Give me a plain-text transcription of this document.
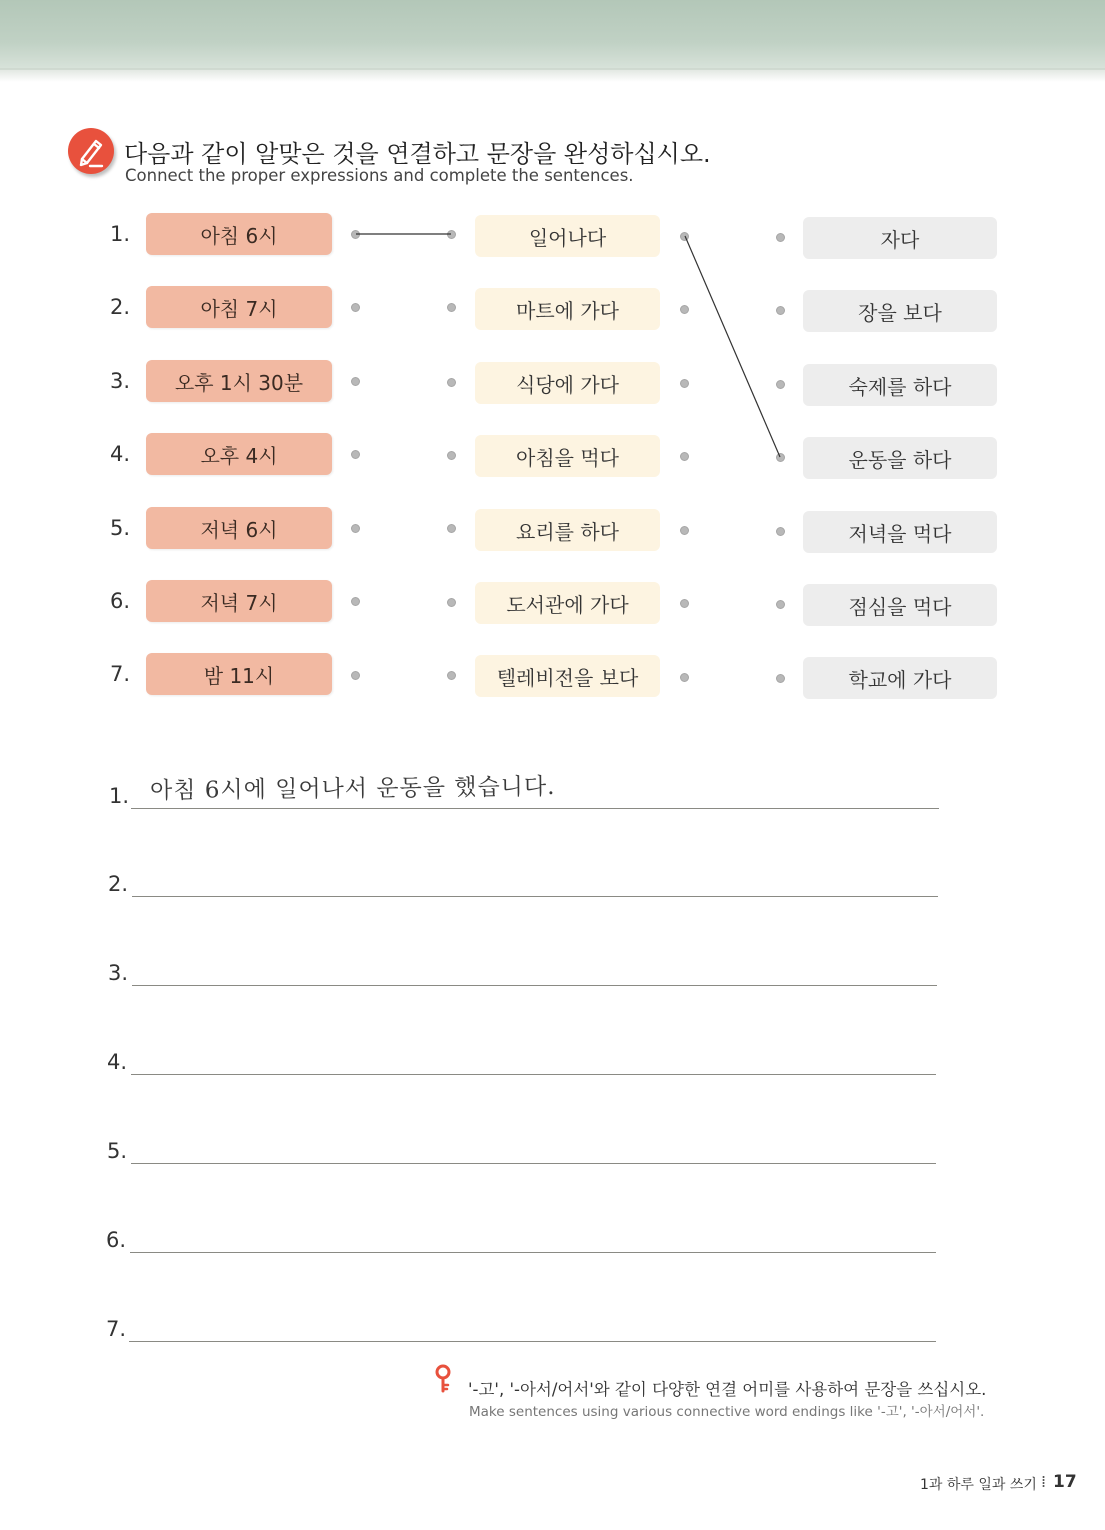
다음과 같이 알맞은 것을 연결하고 문장을 완성하십시오.
Connect the proper expressions and complete the sentences.
1.	아침 6시	일어나다	자다
2.	아침 7시	마트에 가다	장을 보다
3.	오후 1시 30분	식당에 가다	숙제를 하다
4.	오후 4시	아침을 먹다	운동을 하다
5.	저녁 6시	요리를 하다	저녁을 먹다
6.	저녁 7시	도서관에 가다	점심을 먹다
7.	밤 11시	텔레비전을 보다	학교에 가다
아침 6시에 일어나서 운동을 했습니다.
1.
2.
3.
4.
5.
6.
7.
'-고', '-아서/어서'와 같이 다양한 연결 어미를 사용하여 문장을 쓰십시오.
Make sentences using various connective word endings like '-고', '-아서/어서'.
1과 하루 일과 쓰기 ⁞ 17
